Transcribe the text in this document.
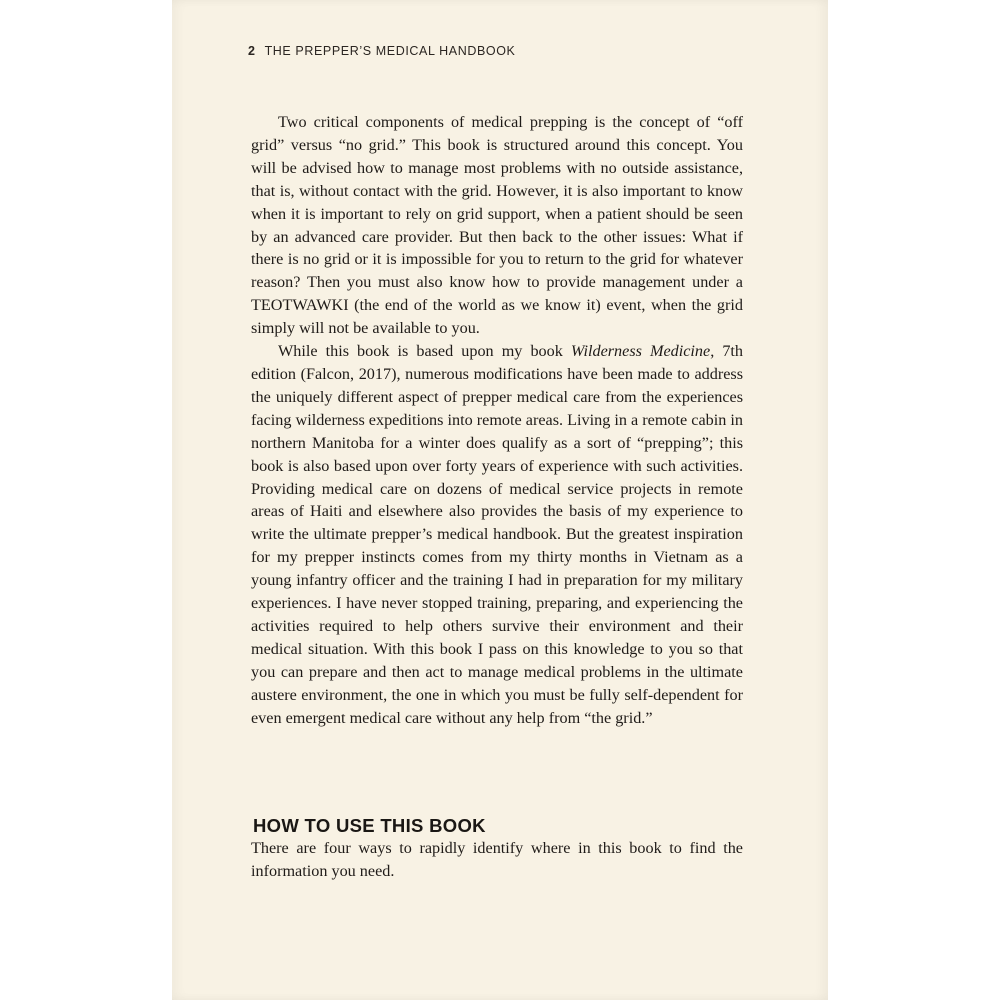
2 THE PREPPER’S MEDICAL HANDBOOK

Two critical components of medical prepping is the concept of “off grid” versus “no grid.” This book is structured around this concept. You will be advised how to manage most problems with no outside assistance, that is, without contact with the grid. However, it is also important to know when it is important to rely on grid support, when a patient should be seen by an advanced care provider. But then back to the other issues: What if there is no grid or it is impossible for you to return to the grid for whatever reason? Then you must also know how to provide management under a TEOTWAWKI (the end of the world as we know it) event, when the grid simply will not be available to you.

While this book is based upon my book Wilderness Medicine, 7th edition (Falcon, 2017), numerous modifications have been made to address the uniquely different aspect of prepper medical care from the experiences facing wilderness expeditions into remote areas. Living in a remote cabin in northern Manitoba for a winter does qualify as a sort of “prepping”; this book is also based upon over forty years of experience with such activities. Providing medical care on dozens of medical service projects in remote areas of Haiti and elsewhere also provides the basis of my experience to write the ultimate prepper’s medical handbook. But the greatest inspiration for my prepper instincts comes from my thirty months in Vietnam as a young infantry officer and the training I had in preparation for my military experiences. I have never stopped training, preparing, and experiencing the activities required to help others survive their environment and their medical situation. With this book I pass on this knowledge to you so that you can prepare and then act to manage medical problems in the ultimate austere environment, the one in which you must be fully self-dependent for even emergent medical care without any help from “the grid.”

HOW TO USE THIS BOOK

There are four ways to rapidly identify where in this book to find the information you need.
